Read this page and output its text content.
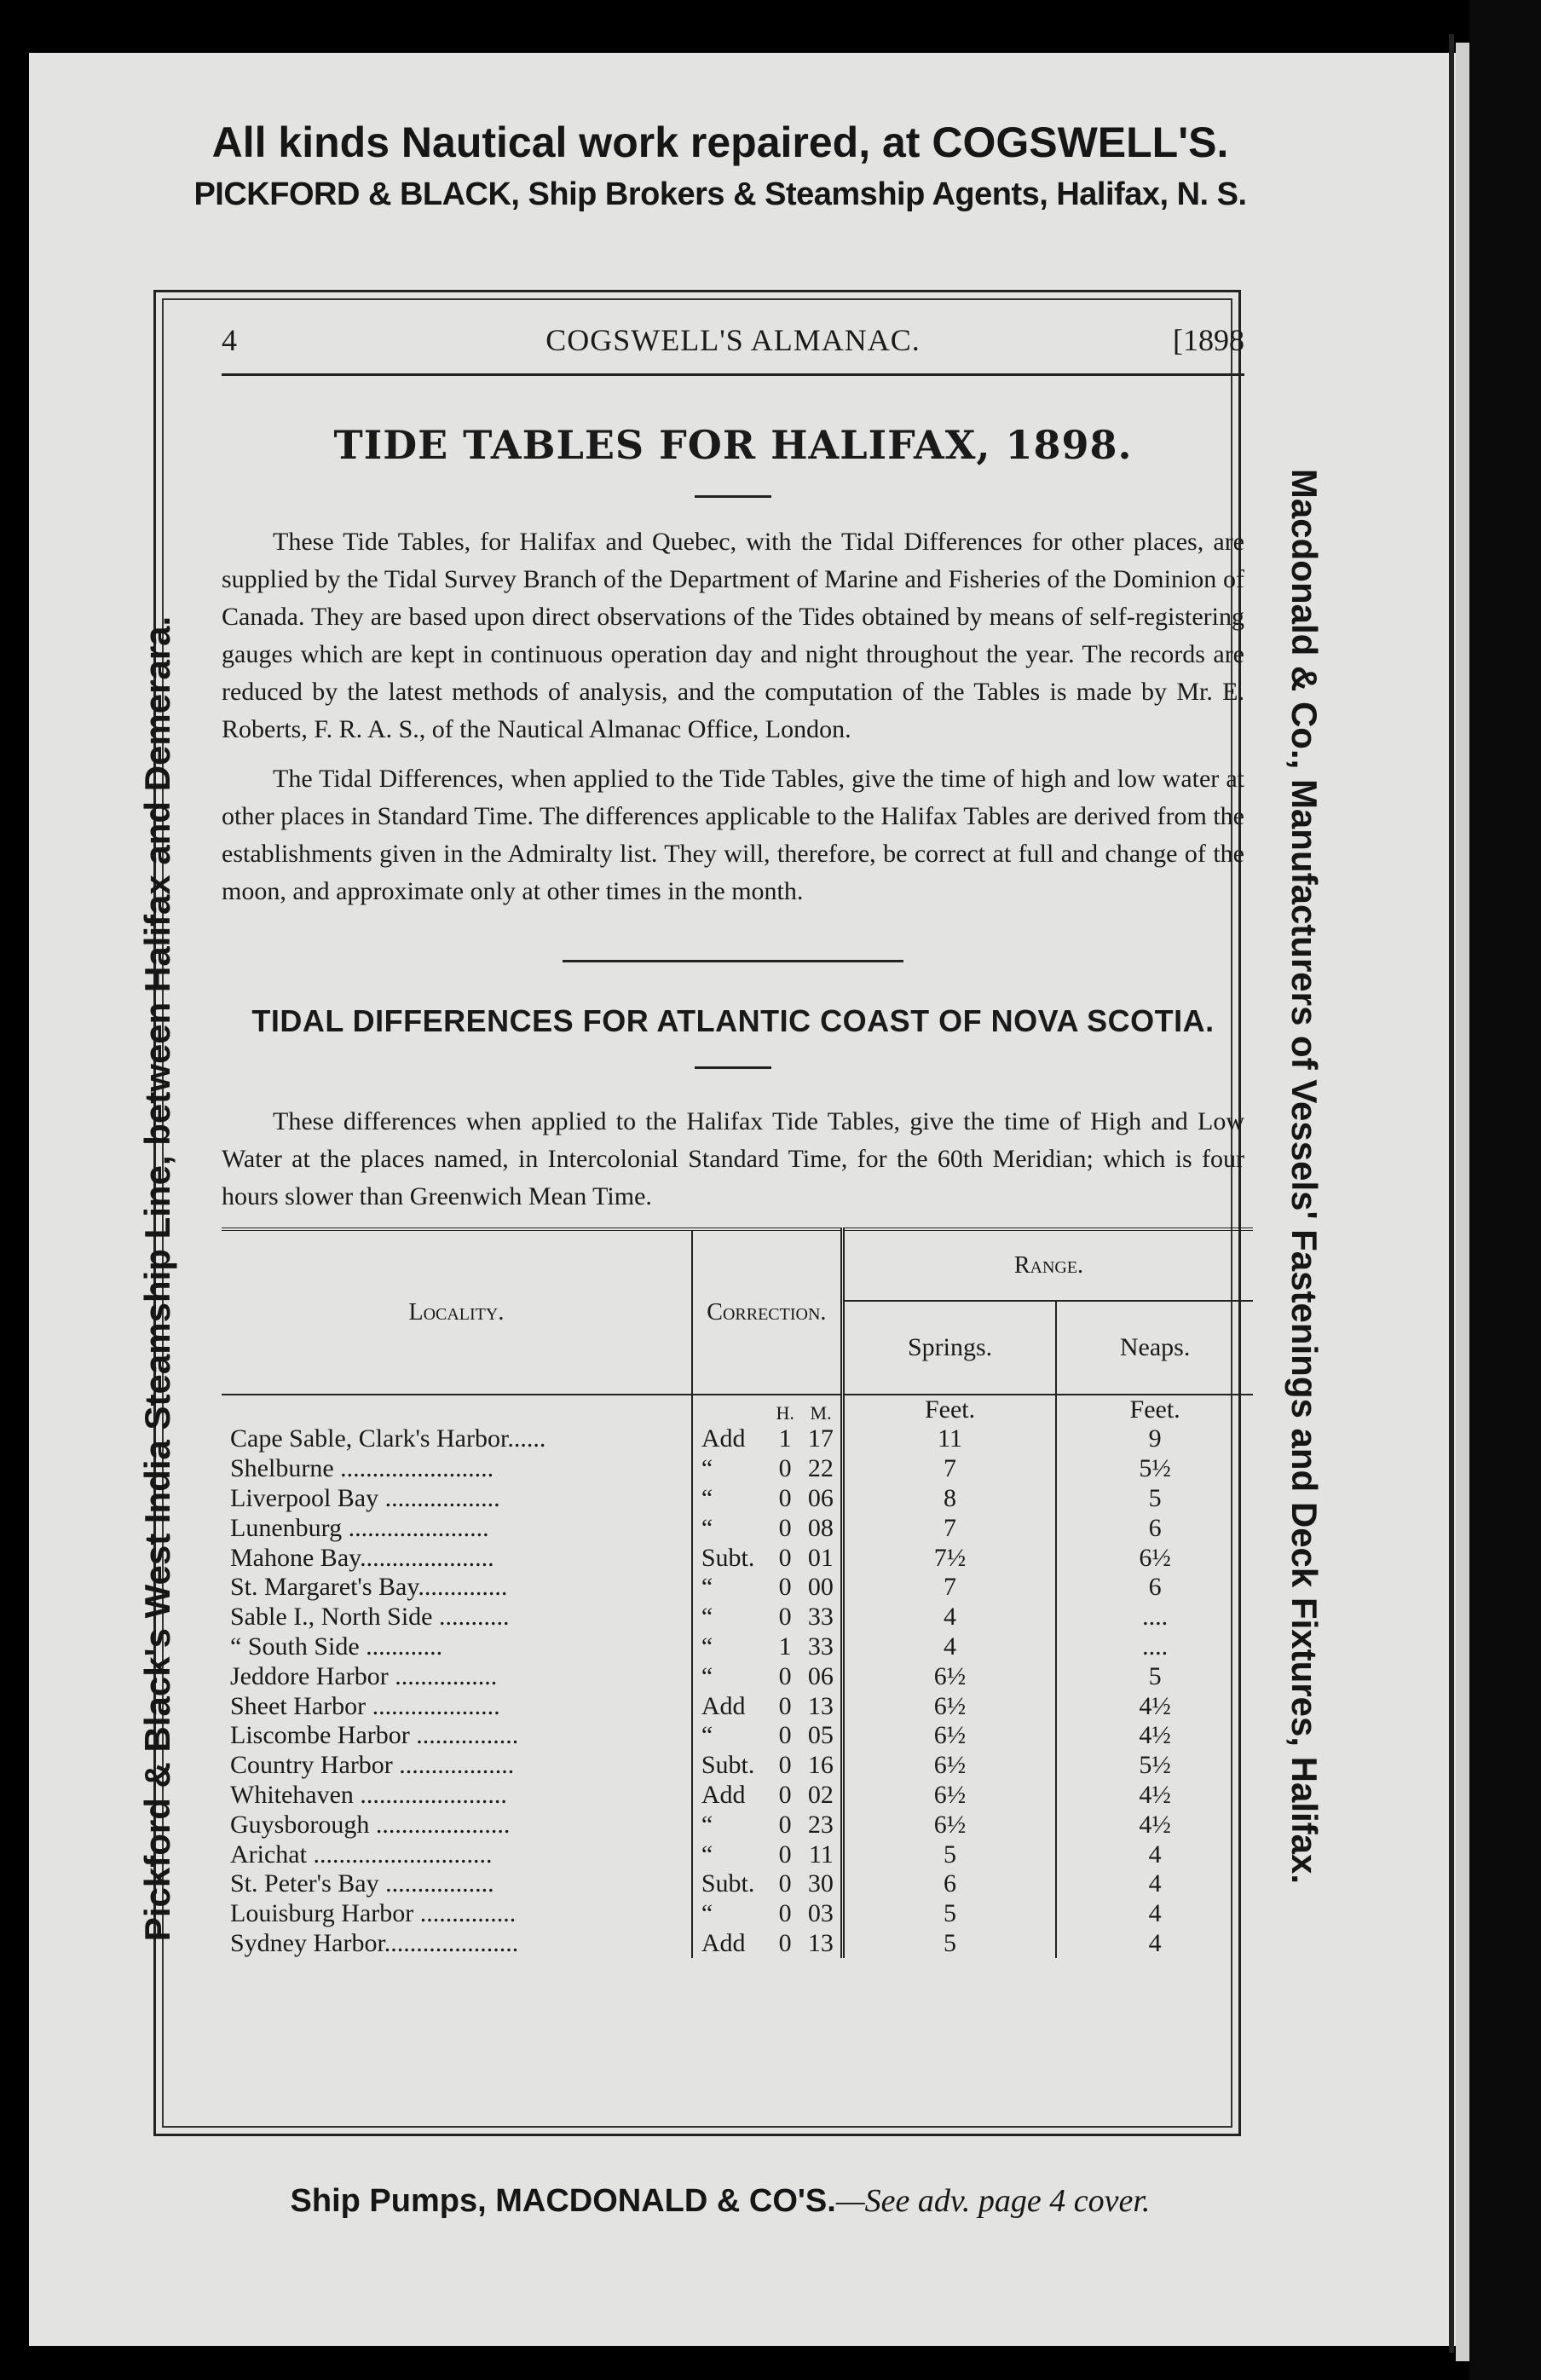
All kinds Nautical work repaired, at COGSWELL'S.
PICKFORD & BLACK, Ship Brokers & Steamship Agents, Halifax, N. S.
Pickford & Black's West India Steamship Line, between Halifax and Demerara.	Macdonald & Co., Manufacturers of Vessels' Fastenings and Deck Fixtures, Halifax.
4	COGSWELL'S ALMANAC.	[1898
TIDE TABLES FOR HALIFAX, 1898.

These Tide Tables, for Halifax and Quebec, with the Tidal Differences for other places, are supplied by the Tidal Survey Branch of the Department of Marine and Fisheries of the Dominion of Canada. They are based upon direct observations of the Tides obtained by means of self-registering gauges which are kept in continuous operation day and night throughout the year. The records are reduced by the latest methods of analysis, and the computation of the Tables is made by Mr. E. Roberts, F. R. A. S., of the Nautical Almanac Office, London.

The Tidal Differences, when applied to the Tide Tables, give the time of high and low water at other places in Standard Time. The differences applicable to the Halifax Tables are derived from the establishments given in the Admiralty list. They will, therefore, be correct at full and change of the moon, and approximate only at other times in the month.

TIDAL DIFFERENCES FOR ATLANTIC COAST OF NOVA SCOTIA.

These differences when applied to the Halifax Tide Tables, give the time of High and Low Water at the places named, in Intercolonial Standard Time, for the 60th Meridian; which is four hours slower than Greenwich Mean Time.

Locality.	Correction.			Range.	
				Springs.	Neaps.
		H.	M.	Feet.	Feet.
Cape Sable, Clark's Harbor......	Add	1	17	11	9
Shelburne ........................	“	0	22	7	5½
Liverpool Bay ..................	“	0	06	8	5
Lunenburg ......................	“	0	08	7	6
Mahone Bay.....................	Subt.	0	01	7½	6½
St. Margaret's Bay..............	“	0	00	7	6
Sable I., North Side ...........	“	0	33	4	....
“ South Side ............	“	1	33	4	....
Jeddore Harbor ................	“	0	06	6½	5
Sheet Harbor ....................	Add	0	13	6½	4½
Liscombe Harbor ................	“	0	05	6½	4½
Country Harbor ..................	Subt.	0	16	6½	5½
Whitehaven .......................	Add	0	02	6½	4½
Guysborough .....................	“	0	23	6½	4½
Arichat ............................	“	0	11	5	4
St. Peter's Bay .................	Subt.	0	30	6	4
Louisburg Harbor ...............	“	0	03	5	4
Sydney Harbor.....................	Add	0	13	5	4
Ship Pumps, MACDONALD & CO'S.—See adv. page 4 cover.
